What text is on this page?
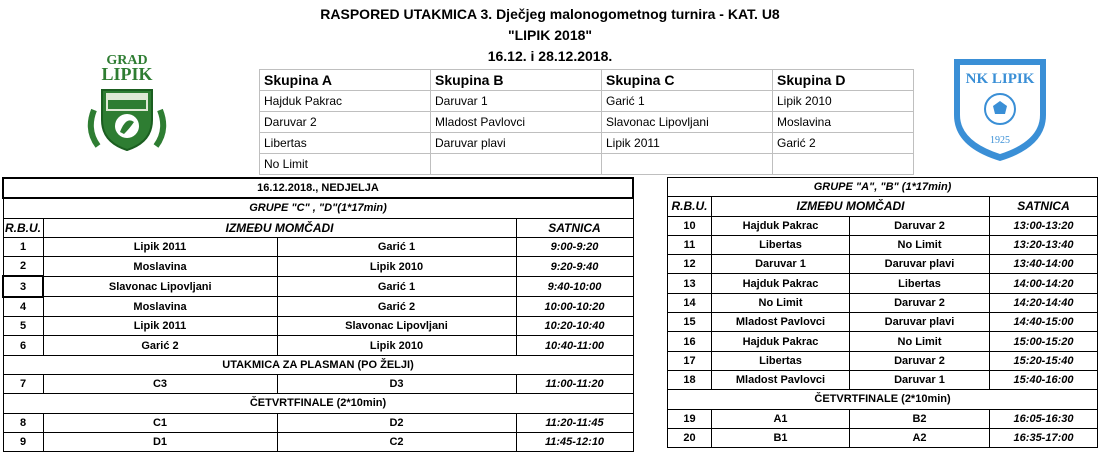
RASPORED UTAKMICA 3. Dječjeg malonogometnog turnira - KAT. U8
"LIPIK 2018"
16.12. i 28.12.2018.
GRAD
LIPIK	NK LIPIK
1925
Skupina A	Skupina B	Skupina C	Skupina D
Hajduk Pakrac	Daruvar 1	Garić 1	Lipik 2010
Daruvar 2	Mladost Pavlovci	Slavonac Lipovljani	Moslavina
Libertas	Daruvar plavi	Lipik 2011	Garić 2
No Limit			
16.12.2018., NEDJELJA			
GRUPE "C" , "D"(1*17min)			
R.B.U.	IZMEĐU MOMČADI		SATNICA
1	Lipik 2011	Garić 1	9:00-9:20
2	Moslavina	Lipik 2010	9:20-9:40
3	Slavonac Lipovljani	Garić 1	9:40-10:00
4	Moslavina	Garić 2	10:00-10:20
5	Lipik 2011	Slavonac Lipovljani	10:20-10:40
6	Garić 2	Lipik 2010	10:40-11:00
UTAKMICA ZA PLASMAN (PO ŽELJI)			
7	C3	D3	11:00-11:20
ČETVRTFINALE (2*10min)			
8	C1	D2	11:20-11:45
9	D1	C2	11:45-12:10
GRUPE "A", "B" (1*17min)			
R.B.U.	IZMEĐU MOMČADI		SATNICA
10	Hajduk Pakrac	Daruvar 2	13:00-13:20
11	Libertas	No Limit	13:20-13:40
12	Daruvar 1	Daruvar plavi	13:40-14:00
13	Hajduk Pakrac	Libertas	14:00-14:20
14	No Limit	Daruvar 2	14:20-14:40
15	Mladost Pavlovci	Daruvar plavi	14:40-15:00
16	Hajduk Pakrac	No Limit	15:00-15:20
17	Libertas	Daruvar 2	15:20-15:40
18	Mladost Pavlovci	Daruvar 1	15:40-16:00
ČETVRTFINALE (2*10min)			
19	A1	B2	16:05-16:30
20	B1	A2	16:35-17:00
